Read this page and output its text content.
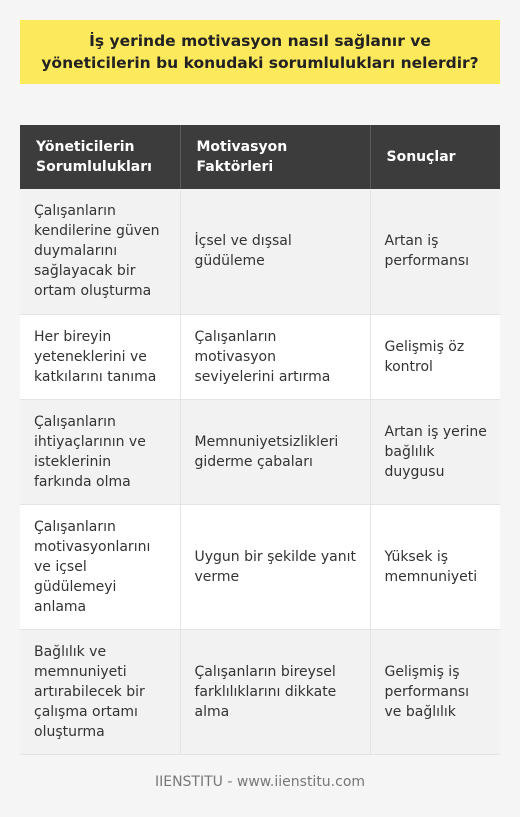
İş yerinde motivasyon nasıl sağlanır ve yöneticilerin bu konudaki sorumlulukları nelerdir?
Yöneticilerin Sorumlulukları	Motivasyon Faktörleri	Sonuçlar
Çalışanların kendilerine güven duymalarını sağlayacak bir ortam oluşturma	İçsel ve dışsal güdüleme	Artan iş performansı
Her bireyin yeteneklerini ve katkılarını tanıma	Çalışanların motivasyon seviyelerini artırma	Gelişmiş öz kontrol
Çalışanların ihtiyaçlarının ve isteklerinin farkında olma	Memnuniyetsizlikleri giderme çabaları	Artan iş yerine bağlılık duygusu
Çalışanların motivasyonlarını ve içsel güdülemeyi anlama	Uygun bir şekilde yanıt verme	Yüksek iş memnuniyeti
Bağlılık ve memnuniyeti artırabilecek bir çalışma ortamı oluşturma	Çalışanların bireysel farklılıklarını dikkate alma	Gelişmiş iş performansı ve bağlılık
IIENSTITU - www.iienstitu.com
